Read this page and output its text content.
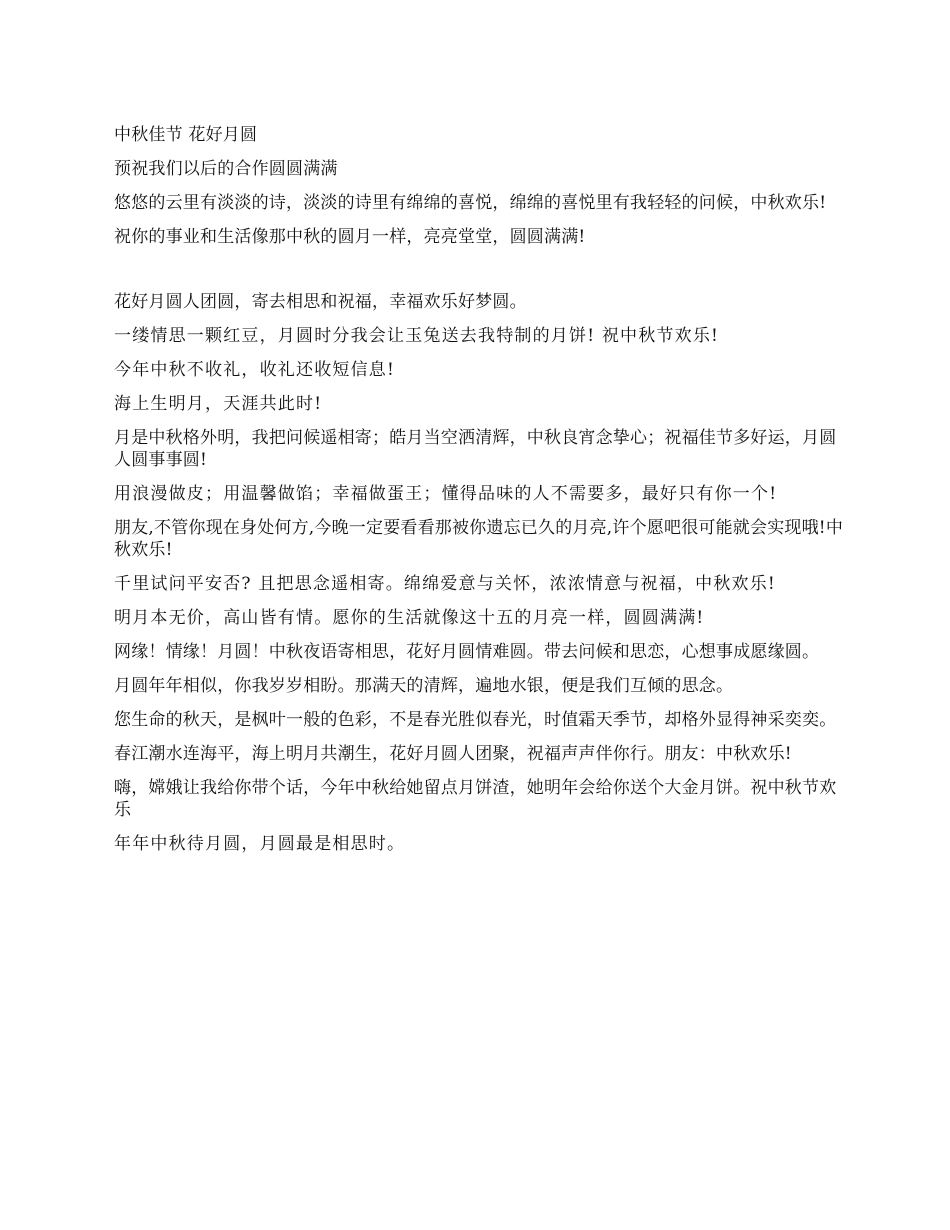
中秋佳节 花好月圆

预祝我们以后的合作圆圆满满

悠悠的云里有淡淡的诗，淡淡的诗里有绵绵的喜悦，绵绵的喜悦里有我轻轻的问候，中秋欢乐!

祝你的事业和生活像那中秋的圆月一样，亮亮堂堂，圆圆满满!

花好月圆人团圆，寄去相思和祝福，幸福欢乐好梦圆。

一缕情思一颗红豆，月圆时分我会让玉兔送去我特制的月饼! 祝中秋节欢乐!

今年中秋不收礼，收礼还收短信息!

海上生明月，天涯共此时!

月是中秋格外明，我把问候遥相寄；皓月当空洒清辉，中秋良宵念挚心；祝福佳节多好运，月圆人圆事事圆!

用浪漫做皮；用温馨做馅；幸福做蛋王；懂得品味的人不需要多，最好只有你一个!

朋友,不管你现在身处何方,今晚一定要看看那被你遗忘已久的月亮,许个愿吧很可能就会实现哦!中秋欢乐!

千里试问平安否? 且把思念遥相寄。绵绵爱意与关怀，浓浓情意与祝福，中秋欢乐!

明月本无价，高山皆有情。愿你的生活就像这十五的月亮一样，圆圆满满!

网缘！情缘！月圆！中秋夜语寄相思，花好月圆情难圆。带去问候和思恋，心想事成愿缘圆。

月圆年年相似，你我岁岁相盼。那满天的清辉，遍地水银，便是我们互倾的思念。

您生命的秋天，是枫叶一般的色彩，不是春光胜似春光，时值霜天季节，却格外显得神采奕奕。

春江潮水连海平，海上明月共潮生，花好月圆人团聚，祝福声声伴你行。朋友：中秋欢乐!

嗨，嫦娥让我给你带个话，今年中秋给她留点月饼渣，她明年会给你送个大金月饼。祝中秋节欢乐

年年中秋待月圆，月圆最是相思时。
